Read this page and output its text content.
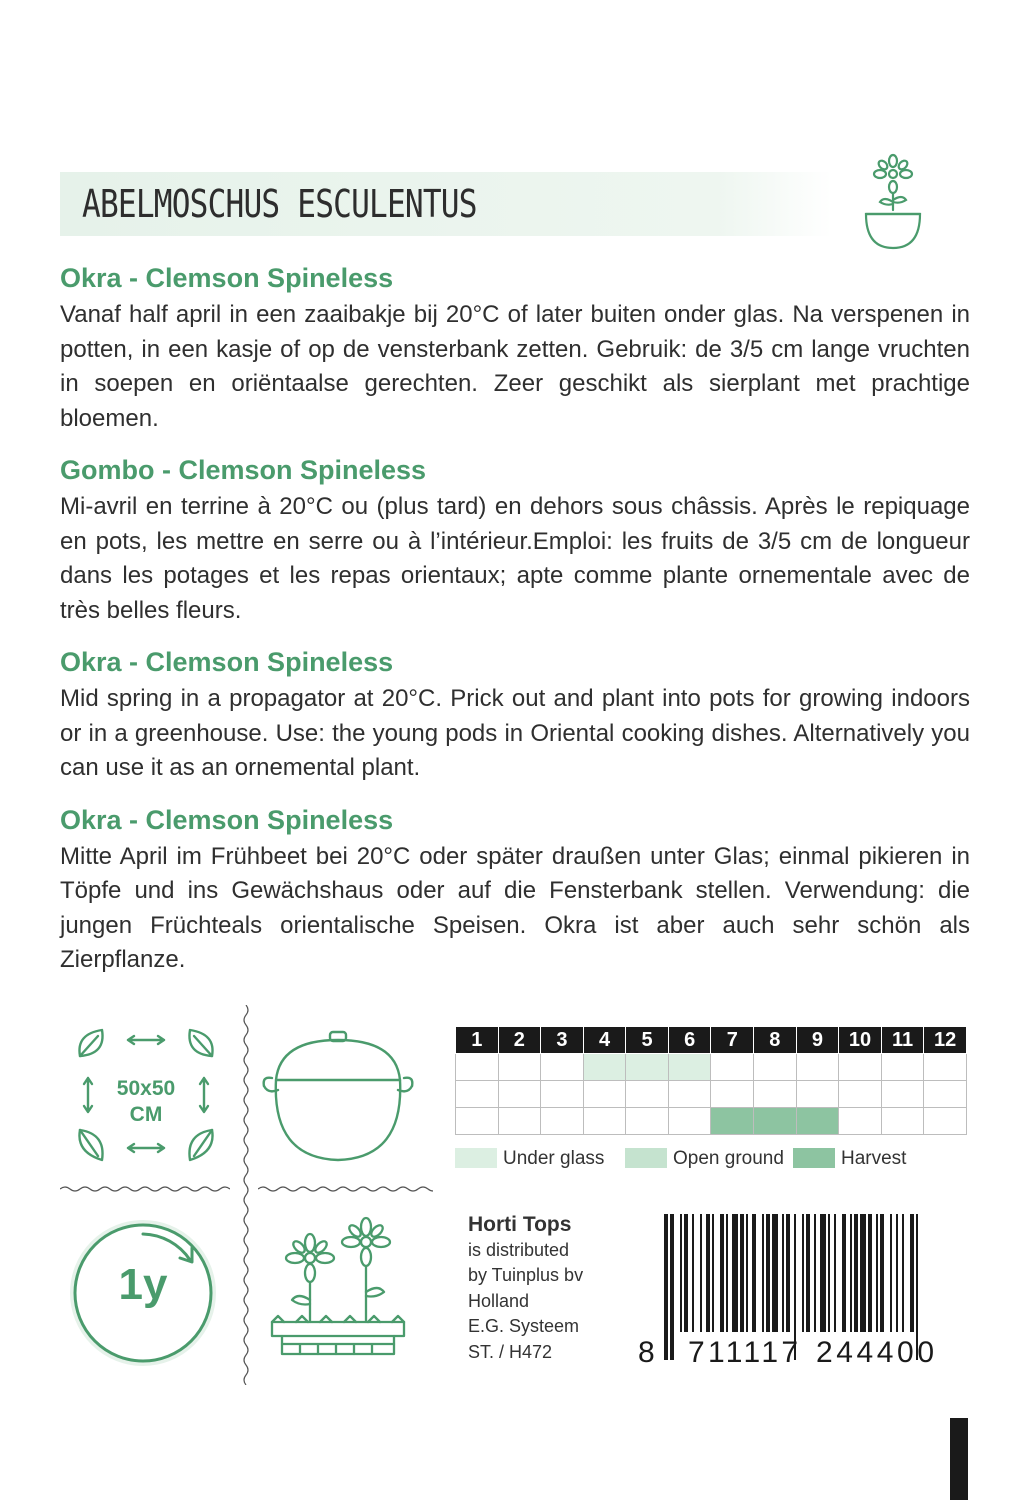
ABELMOSCHUS ESCULENTUS
Okra - Clemson Spineless
Vanaf half april in een zaaibakje bij 20°C of later buiten onder glas. Na verspenen in potten, in een kasje of op de vensterbank zetten. Gebruik: de 3/5 cm lange vruchten in soepen en oriëntaalse gerechten. Zeer geschikt als sierplant met prachtige bloemen.
Gombo - Clemson Spineless
Mi-avril en terrine à 20°C ou (plus tard) en dehors sous châssis. Après le repiquage en pots, les mettre en serre ou à l’intérieur.Emploi: les fruits de 3/5 cm de longueur dans les potages et les repas orientaux; apte comme plante ornementale avec de très belles fleurs.
Okra - Clemson Spineless
Mid spring in a propagator at 20°C. Prick out and plant into pots for growing indoors or in a greenhouse. Use: the young pods in Oriental cooking dishes. Alternatively you can use it as an ornemental plant.
Okra - Clemson Spineless
Mitte April im Frühbeet bei 20°C oder später draußen unter Glas; einmal pikieren in Töpfe und ins Gewächshaus oder auf die Fensterbank stellen. Verwendung: die jungen Früchteals orientalische Speisen. Okra ist aber auch sehr schön als Zierpflanze.
50x50
CM
1y
1	2	3	4	5	6	7	8	9	10	11	12

Under glass	Open ground	Harvest
Horti Tops
is distributed
by Tuinplus bv
Holland
E.G. Systeem
ST. / H472	8 711117 244400
